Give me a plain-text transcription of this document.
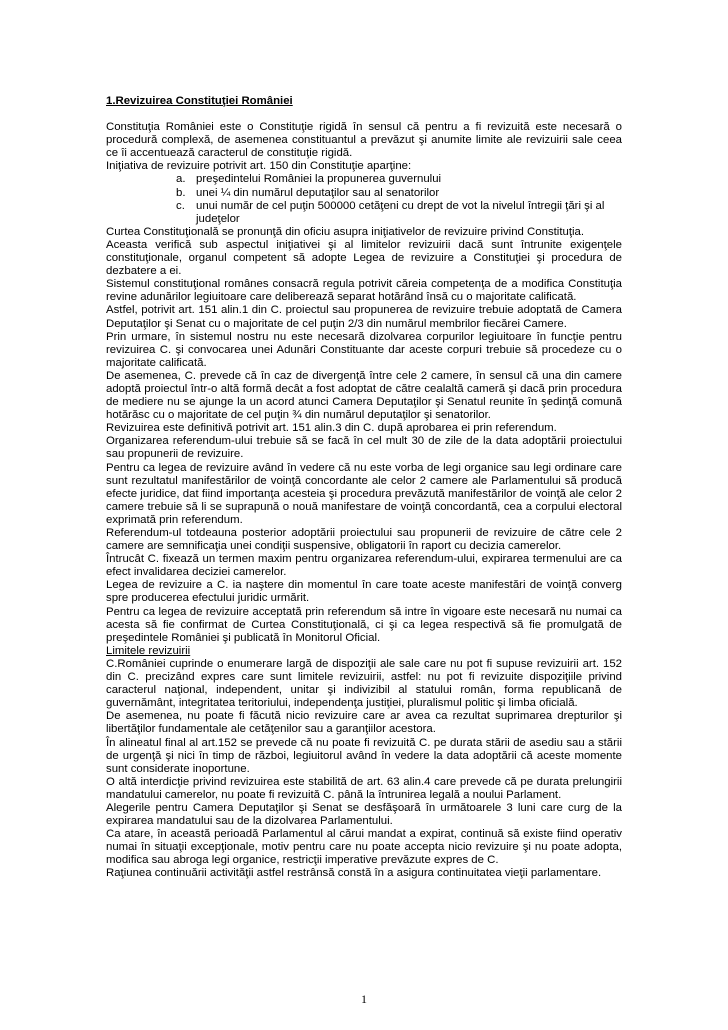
1.Revizuirea Constituţiei României

Constituţia României este o Constituţie rigidă în sensul că pentru a fi revizuită este necesară o procedură complexă, de asemenea constituantul a prevăzut şi anumite limite ale revizuirii sale ceea ce îi accentuează caracterul de constituţie rigidă.

Iniţiativa de revizuire potrivit art. 150 din Constituţie aparţine:

a. preşedintelui României la propunerea guvernului
b. unei ¼ din numărul deputaţilor sau al senatorilor
c. unui număr de cel puţin 500000 cetăţeni cu drept de vot la nivelul întregii ţări şi al judeţelor

Curtea Constituţională se pronunţă din oficiu asupra iniţiativelor de revizuire privind Constituţia.

Aceasta verifică sub aspectul iniţiativei şi al limitelor revizuirii dacă sunt întrunite exigenţele constituţionale, organul competent să adopte Legea de revizuire a Constituţiei şi procedura de dezbatere a ei.

Sistemul constituţional românes consacră regula potrivit căreia competenţa de a modifica Constituţia revine adunărilor legiuitoare care deliberează separat hotărând însă cu o majoritate calificată.

Astfel, potrivit art. 151 alin.1 din C. proiectul sau propunerea de revizuire trebuie adoptată de Camera Deputaţilor şi Senat cu o majoritate de cel puţin 2/3 din numărul membrilor fiecărei Camere.

Prin urmare, în sistemul nostru nu este necesară dizolvarea corpurilor legiuitoare în funcţie pentru revizuirea C. şi convocarea unei Adunări Constituante dar aceste corpuri trebuie să procedeze cu o majoritate calificată.

De asemenea, C. prevede că în caz de divergenţă între cele 2 camere, în sensul că una din camere adoptă proiectul într-o altă formă decât a fost adoptat de către cealaltă cameră şi dacă prin procedura de mediere nu se ajunge la un acord atunci Camera Deputaţilor şi Senatul reunite în şedinţă comună hotărăsc cu o majoritate de cel puţin ¾ din numărul deputaţilor şi senatorilor.

Revizuirea este definitivă potrivit art. 151 alin.3 din C. după aprobarea ei prin referendum.

Organizarea referendum-ului trebuie să se facă în cel mult 30 de zile de la data adoptării proiectului sau propunerii de revizuire.

Pentru ca legea de revizuire având în vedere că nu este vorba de legi organice sau legi ordinare care sunt rezultatul manifestărilor de voinţă concordante ale celor 2 camere ale Parlamentului să producă efecte juridice, dat fiind importanţa acesteia şi procedura prevăzută manifestărilor de voinţă ale celor 2 camere trebuie să li se suprapună o nouă manifestare de voinţă concordantă, cea a corpului electoral exprimată prin referendum.

Referendum-ul totdeauna posterior adoptării proiectului sau propunerii de revizuire de către cele 2 camere are semnificaţia unei condiţii suspensive, obligatorii în raport cu decizia camerelor.

Întrucât C. fixează un termen maxim pentru organizarea referendum-ului, expirarea termenului are ca efect invalidarea deciziei camerelor.

Legea de revizuire a C. ia naştere din momentul în care toate aceste manifestări de voinţă converg spre producerea efectului juridic urmărit.

Pentru ca legea de revizuire acceptată prin referendum să intre în vigoare este necesară nu numai ca acesta să fie confirmat de Curtea Constituţională, ci şi ca legea respectivă să fie promulgată de preşedintele României şi publicată în Monitorul Oficial.

Limitele revizuirii

C.României cuprinde o enumerare largă de dispoziţii ale sale care nu pot fi supuse revizuirii art. 152 din C. precizând expres care sunt limitele revizuirii, astfel: nu pot fi revizuite dispoziţiile privind caracterul naţional, independent, unitar şi indivizibil al statului român, forma republicană de guvernământ, integritatea teritoriului, independenţa justiţiei, pluralismul politic şi limba oficială.

De asemenea, nu poate fi făcută nicio revizuire care ar avea ca rezultat suprimarea drepturilor şi libertăţilor fundamentale ale cetăţenilor sau a garanţiilor acestora.

În alineatul final al art.152 se prevede că nu poate fi revizuită C. pe durata stării de asediu sau a stării de urgenţă şi nici în timp de război, legiuitorul având în vedere la data adoptării că aceste momente sunt considerate inoportune.

O altă interdicţie privind revizuirea este stabilită de art. 63 alin.4 care prevede că pe durata prelungirii mandatului camerelor, nu poate fi revizuită C. până la întrunirea legală a noului Parlament.

Alegerile pentru Camera Deputaţilor şi Senat se desfăşoară în următoarele 3 luni care curg de la expirarea mandatului sau de la dizolvarea Parlamentului.

Ca atare, în această perioadă Parlamentul al cărui mandat a expirat, continuă să existe fiind operativ numai în situaţii excepţionale, motiv pentru care nu poate accepta nicio revizuire şi nu poate adopta, modifica sau abroga legi organice, restricţii imperative prevăzute expres de C.

Raţiunea continuării activităţii astfel restrânsă constă în a asigura continuitatea vieţii parlamentare.

1
